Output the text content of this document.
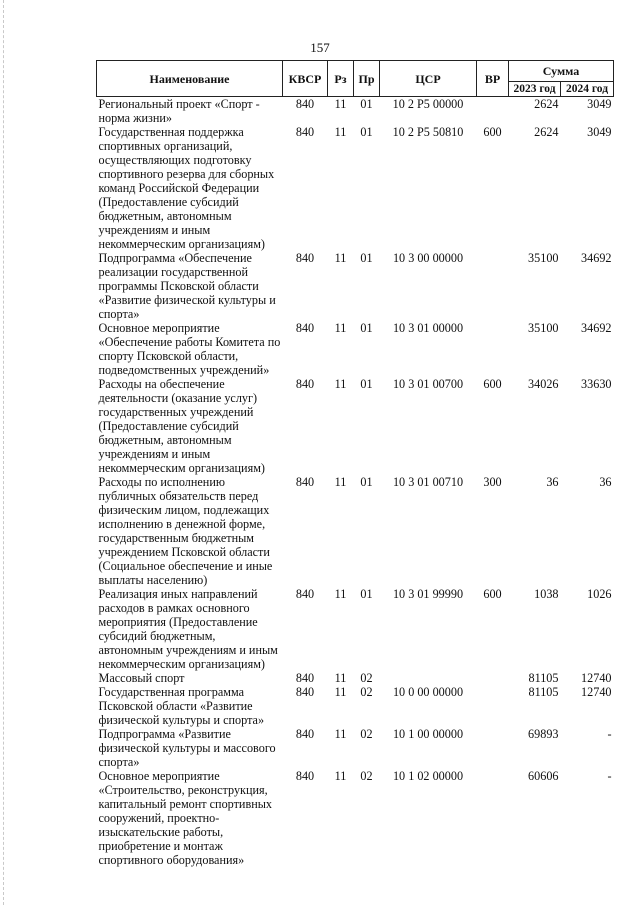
157
Наименование	КВСР	Рз	Пр	ЦСР	ВР	Сумма	
						2023 год	2024 год
Региональный проект «Спорт - норма жизни»	840	11	01	10 2 Р5 00000		2624	3049
Государственная поддержка спортивных организаций, осуществляющих подготовку спортивного резерва для сборных команд Российской Федерации (Предоставление субсидий бюджетным, автономным учреждениям и иным некоммерческим организациям)	840	11	01	10 2 Р5 50810	600	2624	3049
Подпрограмма «Обеспечение реализации государственной программы Псковской области «Развитие физической культуры и спорта»	840	11	01	10 3 00 00000		35100	34692
Основное мероприятие «Обеспечение работы Комитета по спорту Псковской области, подведомственных учреждений»	840	11	01	10 3 01 00000		35100	34692
Расходы на обеспечение деятельности (оказание услуг) государственных учреждений (Предоставление субсидий бюджетным, автономным учреждениям и иным некоммерческим организациям)	840	11	01	10 3 01 00700	600	34026	33630
Расходы по исполнению публичных обязательств перед физическим лицом, подлежащих исполнению в денежной форме, государственным бюджетным учреждением Псковской области (Социальное обеспечение и иные выплаты населению)	840	11	01	10 3 01 00710	300	36	36
Реализация иных направлений расходов в рамках основного мероприятия (Предоставление субсидий бюджетным, автономным учреждениям и иным некоммерческим организациям)	840	11	01	10 3 01 99990	600	1038	1026
Массовый спорт	840	11	02			81105	12740
Государственная программа Псковской области «Развитие физической культуры и спорта»	840	11	02	10 0 00 00000		81105	12740
Подпрограмма «Развитие физической культуры и массового спорта»	840	11	02	10 1 00 00000		69893	-
Основное мероприятие «Строительство, реконструкция, капитальный ремонт спортивных сооружений, проектно-изыскательские работы, приобретение и монтаж спортивного оборудования»	840	11	02	10 1 02 00000		60606	-
